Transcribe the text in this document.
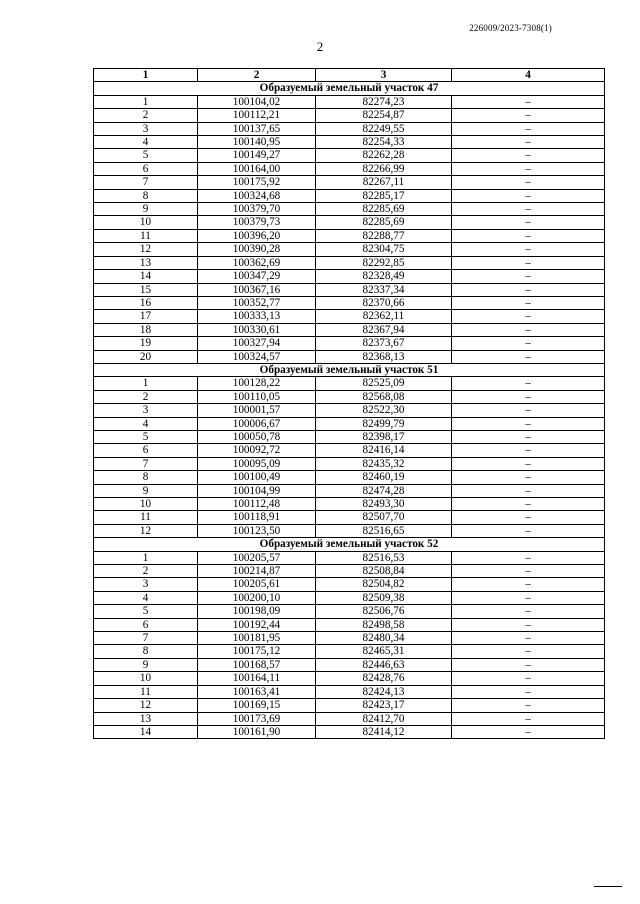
226009/2023-7308(1)
2
1	2	3	4
Образуемый земельный участок 47			
1	100104,02	82274,23	–
2	100112,21	82254,87	–
3	100137,65	82249,55	–
4	100140,95	82254,33	–
5	100149,27	82262,28	–
6	100164,00	82266,99	–
7	100175,92	82267,11	–
8	100324,68	82285,17	–
9	100379,70	82285,69	–
10	100379,73	82285,69	–
11	100396,20	82288,77	–
12	100390,28	82304,75	–
13	100362,69	82292,85	–
14	100347,29	82328,49	–
15	100367,16	82337,34	–
16	100352,77	82370,66	–
17	100333,13	82362,11	–
18	100330,61	82367,94	–
19	100327,94	82373,67	–
20	100324,57	82368,13	–
Образуемый земельный участок 51			
1	100128,22	82525,09	–
2	100110,05	82568,08	–
3	100001,57	82522,30	–
4	100006,67	82499,79	–
5	100050,78	82398,17	–
6	100092,72	82416,14	–
7	100095,09	82435,32	–
8	100100,49	82460,19	–
9	100104,99	82474,28	–
10	100112,48	82493,30	–
11	100118,91	82507,70	–
12	100123,50	82516,65	–
Образуемый земельный участок 52			
1	100205,57	82516,53	–
2	100214,87	82508,84	–
3	100205,61	82504,82	–
4	100200,10	82509,38	–
5	100198,09	82506,76	–
6	100192,44	82498,58	–
7	100181,95	82480,34	–
8	100175,12	82465,31	–
9	100168,57	82446,63	–
10	100164,11	82428,76	–
11	100163,41	82424,13	–
12	100169,15	82423,17	–
13	100173,69	82412,70	–
14	100161,90	82414,12	–
